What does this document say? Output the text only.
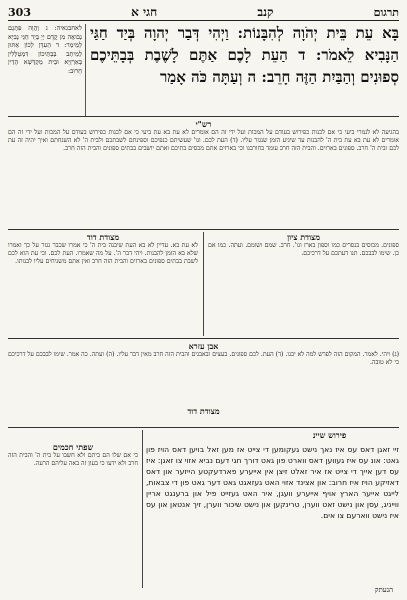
תרגום
קנב
חגי א
303
לאחבגאיה: ג וַהֲוָה פִּתְגַם נְבוּאָה מִן קֳדָם יְיָ בְּיַד חַגַּי נְבִיָּא לְמֵימַר: ד הַעִדָּן לְכוֹן אַתּוּן לְמֵיתַב בְּבָתֵּיכוֹן דִּמְטַלְּלִין בְּאַרְזַיָּא וּבֵית מַקְדְּשָׁא הָדֵין חָרוּב:
בָּא עֵת בֵּית יְהֹוָה לְהִבָּנוֹת: וַיְהִי דְּבַר יְהוָה בְּיַד חַגַּי הַנָּבִיא לֵאמֹר: ד הַעֵת לָכֶם אַתֶּם לָשֶׁבֶת בְּבָתֵּיכֶם סְפוּנִים וְהַבַּיִת הַזֶּה חָרֵב: ה וְעַתָּה כֹּה אָמַר
רש"י
בהגיעה לא לגמרי ביעי כי אם לכנות כפירוש בעודם על המכות ועל ידי זה הם אומרים לא עת בא עת ביעי כי אם לכנות כפירוש בעודם על המכות ועל ידי זה הם אומרים לא עת בא עת בית ה' להבנות עד שיגיע הזמן שנגזר עליו. (ד) העת לכם. וגו' שעשיתם כנפיכם וספינתם לשבתכם ולבית ה' לא השגחתם ואיך יהיה זה עת לכם ובית ה' חרב. ספונים בארזים. והבית הזה חרב עומד בחורבנו וכי בארזים אתם מכסים בתיכם ואתם יושבים בבתים ספונים והבית הזה חרב.
מצודת דוד
לא עת בא. עדיין לא בא העת שיבנה בית ה' כי אמרו שכבר נגזר על כך ואמרו שלא בא הזמן להבנות. ויהי דבר ה'. על מה שאמרו. העת לכם. וכי עת הוא לכם לשבת בבתים ספונים בארזים והבית הזה חרב ואין אתם משגיחים עליו לבנותו.
מצודת ציון
ספונים. מכוסים בנסרים כמו וספון בארז וגו'. חרב. שמם ושומם. ועתה. כמו אם כן. שימו לבבכם. תנו דעתכם על דרכיכם.
אבן עזרא
(ג) ויהי. לאמר. המקום הזה לפרש למה לא יבנו. (ד) העת. לכם ספונים. בעצים ובאבנים והבית הזה חרב מאין דבר עליו. (ה) ועתה. כה אמר. שימו לבבכם על דרכיכם כי לא טובה.
מצודת דוד
פירוש שיינ
שפתי חכמים
כי אם שלו הם ביתם ולא חשבו על בית ה' והבית הזה חרב ולא ידעו כי בעון זה באה עליהם הרעה.
זיי זאגן דאס עס איז נאך נישט געקומען די צייט אז מען זאל בויען דאס הויז פון גאט: אונ עס איז געווען דאס ווארט פון גאט דורך חגי דעם נביא אזוי צו זאגן: איז עס דען אייך די צייט אז איר זאלט זיצן אין אייערע פארדעקטע הייזער און דאס דאזיקע הויז איז חרוב: און אצינד אזוי האט געזאגט גאט דער גאט פון די צבאות, לייגט אייער הארץ אויף אייערע וועגן, איר האט געזייט פיל און ברענגט אריין ווייניג, עסן און נישט זאט ווערן, טרינקען און נישט שיכור ווערן, זיך אנטאן און עס איז נישט ווארעם צו אים.
הנעתק
